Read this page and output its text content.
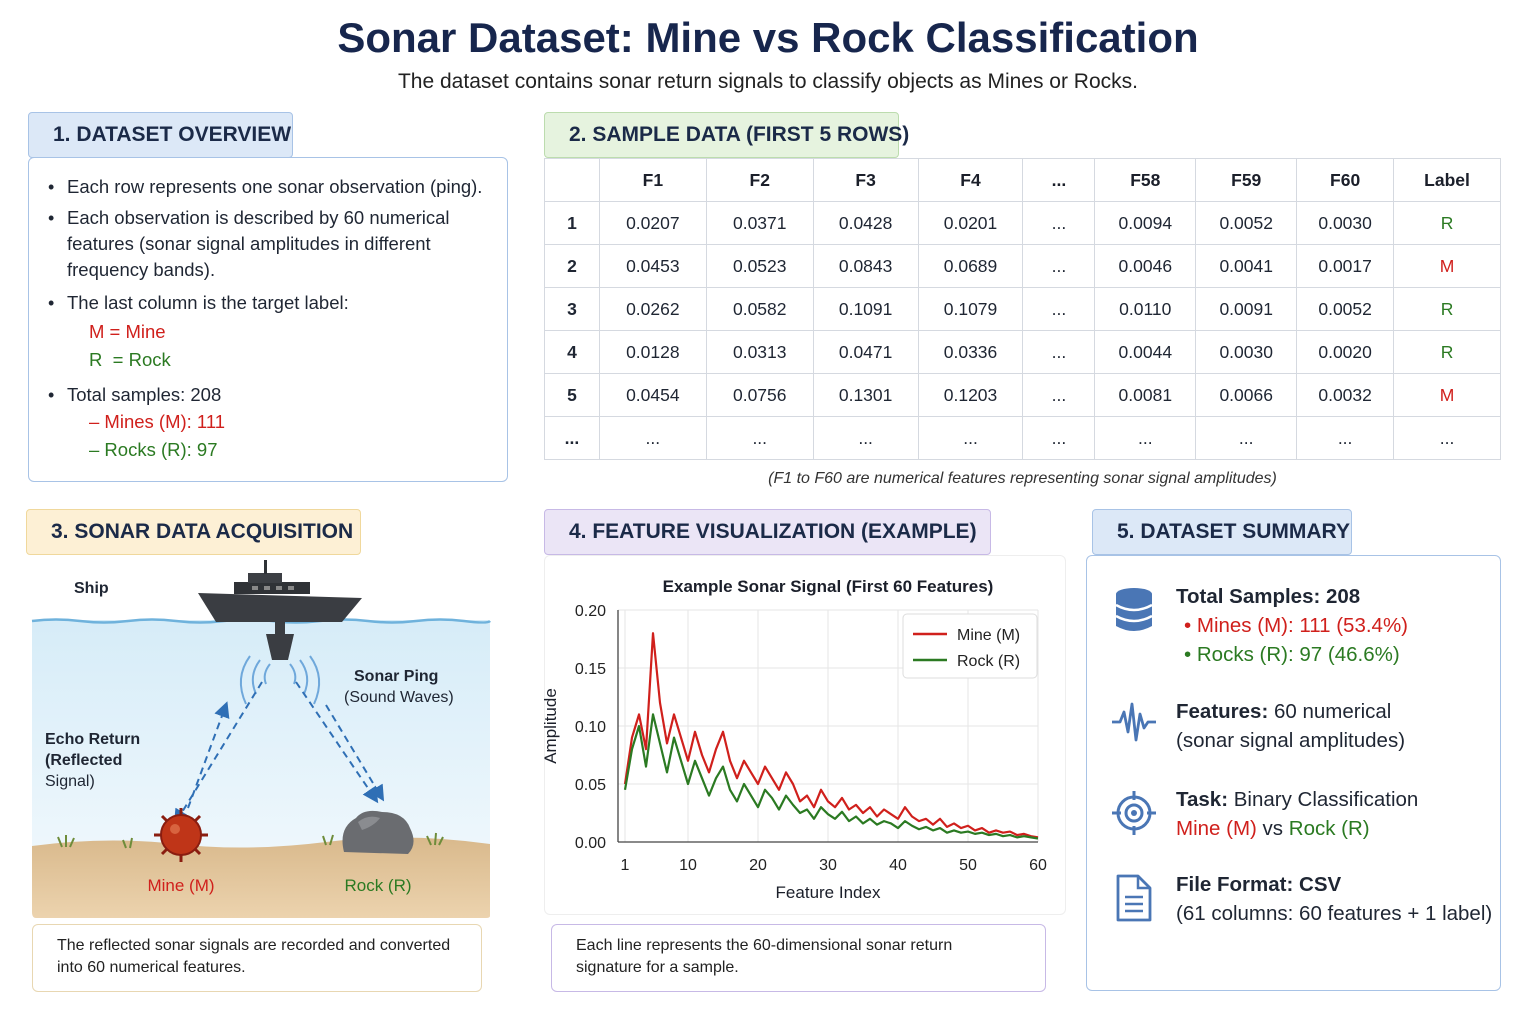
Sonar Dataset: Mine vs Rock Classification
The dataset contains sonar return signals to classify objects as Mines or Rocks.
1. DATASET OVERVIEW
• Each row represents one sonar observation (ping).
• Each observation is described by 60 numerical features (sonar signal amplitudes in different frequency bands).
• The last column is the target label:
M = Mine
R  = Rock
• Total samples: 208
– Mines (M): 111
– Rocks (R): 97
2. SAMPLE DATA (FIRST 5 ROWS)
	F1	F2	F3	F4	...	F58	F59	F60	Label
1	0.0207	0.0371	0.0428	0.0201	...	0.0094	0.0052	0.0030	R
2	0.0453	0.0523	0.0843	0.0689	...	0.0046	0.0041	0.0017	M
3	0.0262	0.0582	0.1091	0.1079	...	0.0110	0.0091	0.0052	R
4	0.0128	0.0313	0.0471	0.0336	...	0.0044	0.0030	0.0020	R
5	0.0454	0.0756	0.1301	0.1203	...	0.0081	0.0066	0.0032	M
...	...	...	...	...	...	...	...	...	...
(F1 to F60 are numerical features representing sonar signal amplitudes)
3. SONAR DATA ACQUISITION
Ship
Sonar Ping
(Sound Waves)
Echo Return
(Reflected
Signal)
Mine (M)	Rock (R)
The reflected sonar signals are recorded and converted into 60 numerical features.
4. FEATURE VISUALIZATION (EXAMPLE)
0.00
0.05
0.10
0.15
0.20
1	10	20	30	40	50	60
Example Sonar Signal (First 60 Features)
Feature Index
Amplitude
Mine (M)
Rock (R)
Each line represents the 60-dimensional sonar return signature for a sample.
5. DATASET SUMMARY
Total Samples: 208
• Mines (M): 111 (53.4%)
• Rocks (R): 97 (46.6%)
Features: 60 numerical
(sonar signal amplitudes)
Task: Binary Classification
Mine (M) vs Rock (R)
File Format: CSV
(61 columns: 60 features + 1 label)
